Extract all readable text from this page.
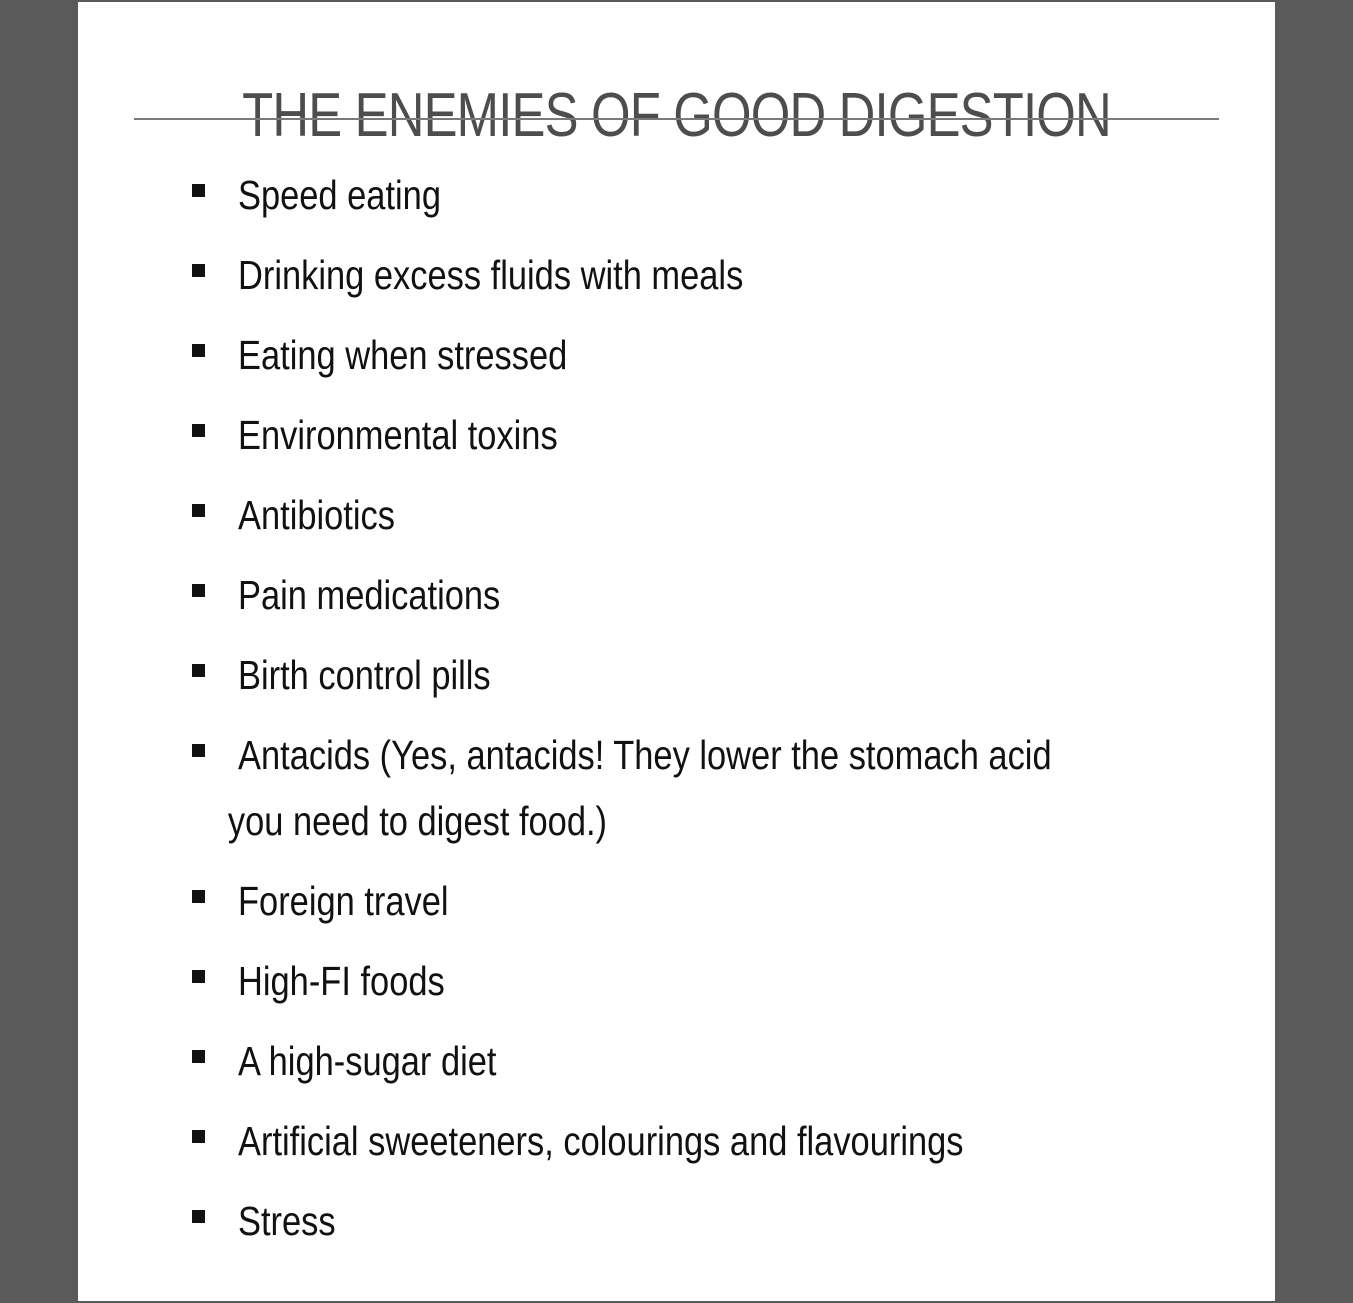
THE ENEMIES OF GOOD DIGESTION
Speed eating
Drinking excess fluids with meals
Eating when stressed
Environmental toxins
Antibiotics
Pain medications
Birth control pills
Antacids (Yes, antacids! They lower the stomach acid
you need to digest food.)
Foreign travel
High-FI foods
A high-sugar diet
Artificial sweeteners, colourings and flavourings
Stress
